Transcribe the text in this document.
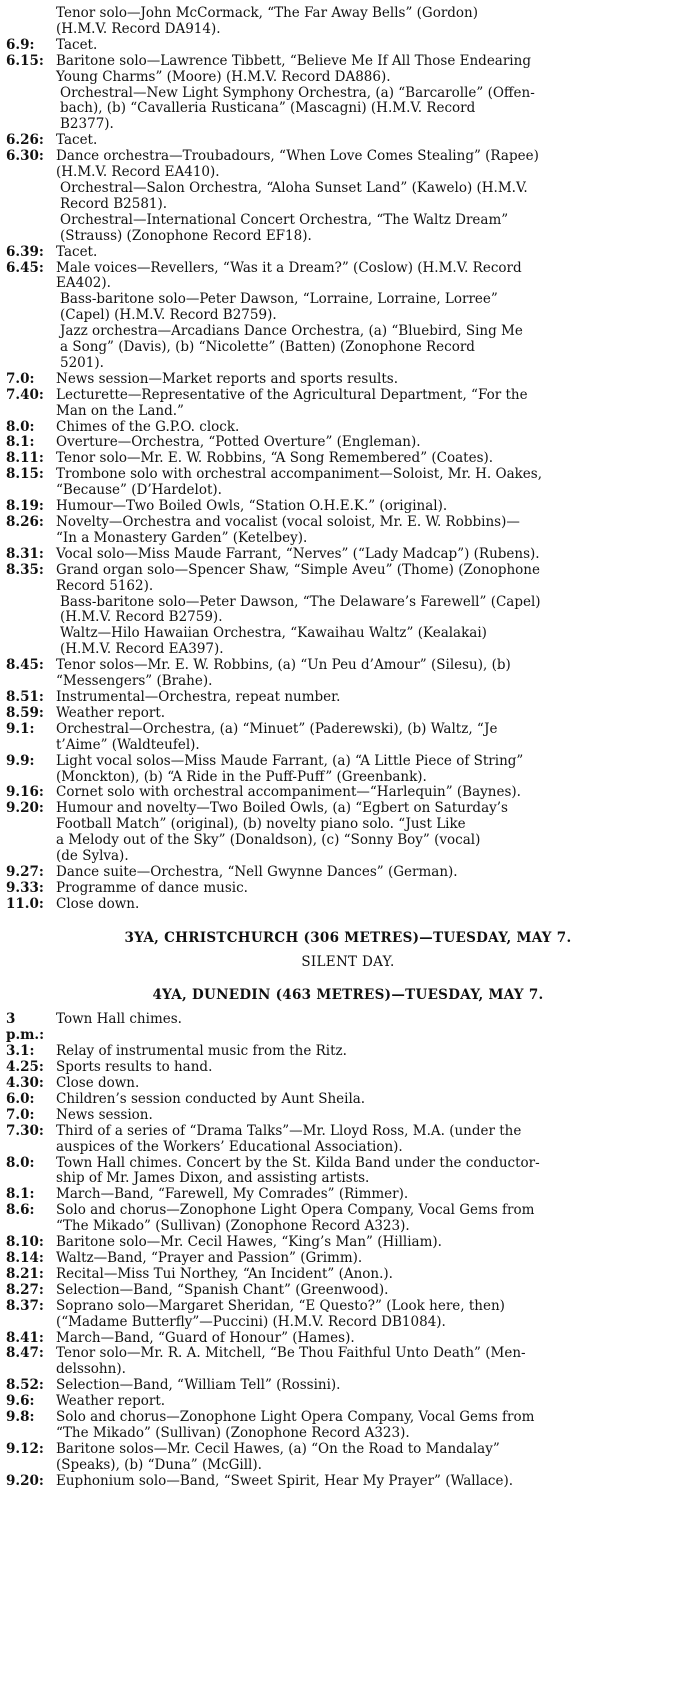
Tenor solo—John McCormack, “The Far Away Bells” (Gordon)
(H.M.V. Record DA914).
6.9:	Tacet.
6.15: Baritone solo—Lawrence Tibbett, “Believe Me If All Those Endearing
Young Charms” (Moore) (H.M.V. Record DA886).
Orchestral—New Light Symphony Orchestra, (a) “Barcarolle” (Offen-
bach), (b) “Cavalleria Rusticana” (Mascagni) (H.M.V. Record
B2377).
6.26: Tacet.
6.30: Dance orchestra—Troubadours, “When Love Comes Stealing” (Rapee)
(H.M.V. Record EA410).
Orchestral—Salon Orchestra, “Aloha Sunset Land” (Kawelo) (H.M.V.
Record B2581).
Orchestral—International Concert Orchestra, “The Waltz Dream”
(Strauss) (Zonophone Record EF18).
6.39: Tacet.
6.45: Male voices—Revellers, “Was it a Dream?” (Coslow) (H.M.V. Record
EA402).
Bass-baritone solo—Peter Dawson, “Lorraine, Lorraine, Lorree”
(Capel) (H.M.V. Record B2759).
Jazz orchestra—Arcadians Dance Orchestra, (a) “Bluebird, Sing Me
a Song” (Davis), (b) “Nicolette” (Batten) (Zonophone Record
5201).
7.0:	News session—Market reports and sports results.
7.40: Lecturette—Representative of the Agricultural Department, “For the
Man on the Land.”
8.0:	Chimes of the G.P.O. clock.
8.1:	Overture—Orchestra, “Potted Overture” (Engleman).
8.11: Tenor solo—Mr. E. W. Robbins, “A Song Remembered” (Coates).
8.15: Trombone solo with orchestral accompaniment—Soloist, Mr. H. Oakes,
“Because” (D’Hardelot).
8.19: Humour—Two Boiled Owls, “Station O.H.E.K.” (original).
8.26: Novelty—Orchestra and vocalist (vocal soloist, Mr. E. W. Robbins)—
“In a Monastery Garden” (Ketelbey).
8.31: Vocal solo—Miss Maude Farrant, “Nerves” (“Lady Madcap”) (Rubens).
8.35: Grand organ solo—Spencer Shaw, “Simple Aveu” (Thome) (Zonophone
Record 5162).
Bass-baritone solo—Peter Dawson, “The Delaware’s Farewell” (Capel)
(H.M.V. Record B2759).
Waltz—Hilo Hawaiian Orchestra, “Kawaihau Waltz” (Kealakai)
(H.M.V. Record EA397).
8.45: Tenor solos—Mr. E. W. Robbins, (a) “Un Peu d’Amour” (Silesu), (b)
“Messengers” (Brahe).
8.51: Instrumental—Orchestra, repeat number.
8.59: Weather report.
9.1:	Orchestral—Orchestra, (a) “Minuet” (Paderewski), (b) Waltz, “Je
t’Aime” (Waldteufel).
9.9:	Light vocal solos—Miss Maude Farrant, (a) “A Little Piece of String”
(Monckton), (b) “A Ride in the Puff-Puff” (Greenbank).
9.16: Cornet solo with orchestral accompaniment—“Harlequin” (Baynes).
9.20: Humour and novelty—Two Boiled Owls, (a) “Egbert on Saturday’s
Football Match” (original), (b) novelty piano solo. “Just Like
a Melody out of the Sky” (Donaldson), (c) “Sonny Boy” (vocal)
(de Sylva).
9.27: Dance suite—Orchestra, “Nell Gwynne Dances” (German).
9.33: Programme of dance music.
11.0: Close down.
3YA, CHRISTCHURCH (306 METRES)—TUESDAY, MAY 7.
SILENT DAY.
4YA, DUNEDIN (463 METRES)—TUESDAY, MAY 7.
3 p.m.:
Town Hall chimes.
3.1:	Relay of instrumental music from the Ritz.
4.25: Sports results to hand.
4.30: Close down.
6.0:	Children’s session conducted by Aunt Sheila.
7.0:	News session.
7.30: Third of a series of “Drama Talks”—Mr. Lloyd Ross, M.A. (under the
auspices of the Workers’ Educational Association).
8.0:	Town Hall chimes. Concert by the St. Kilda Band under the conductor-
ship of Mr. James Dixon, and assisting artists.
8.1:	March—Band, “Farewell, My Comrades” (Rimmer).
8.6:	Solo and chorus—Zonophone Light Opera Company, Vocal Gems from
“The Mikado” (Sullivan) (Zonophone Record A323).
8.10: Baritone solo—Mr. Cecil Hawes, “King’s Man” (Hilliam).
8.14: Waltz—Band, “Prayer and Passion” (Grimm).
8.21: Recital—Miss Tui Northey, “An Incident” (Anon.).
8.27: Selection—Band, “Spanish Chant” (Greenwood).
8.37: Soprano solo—Margaret Sheridan, “E Questo?” (Look here, then)
(“Madame Butterfly”—Puccini) (H.M.V. Record DB1084).
8.41: March—Band, “Guard of Honour” (Hames).
8.47: Tenor solo—Mr. R. A. Mitchell, “Be Thou Faithful Unto Death” (Men-
delssohn).
8.52: Selection—Band, “William Tell” (Rossini).
9.6:	Weather report.
9.8:	Solo and chorus—Zonophone Light Opera Company, Vocal Gems from
“The Mikado” (Sullivan) (Zonophone Record A323).
9.12: Baritone solos—Mr. Cecil Hawes, (a) “On the Road to Mandalay”
(Speaks), (b) “Duna” (McGill).
9.20: Euphonium solo—Band, “Sweet Spirit, Hear My Prayer” (Wallace).
